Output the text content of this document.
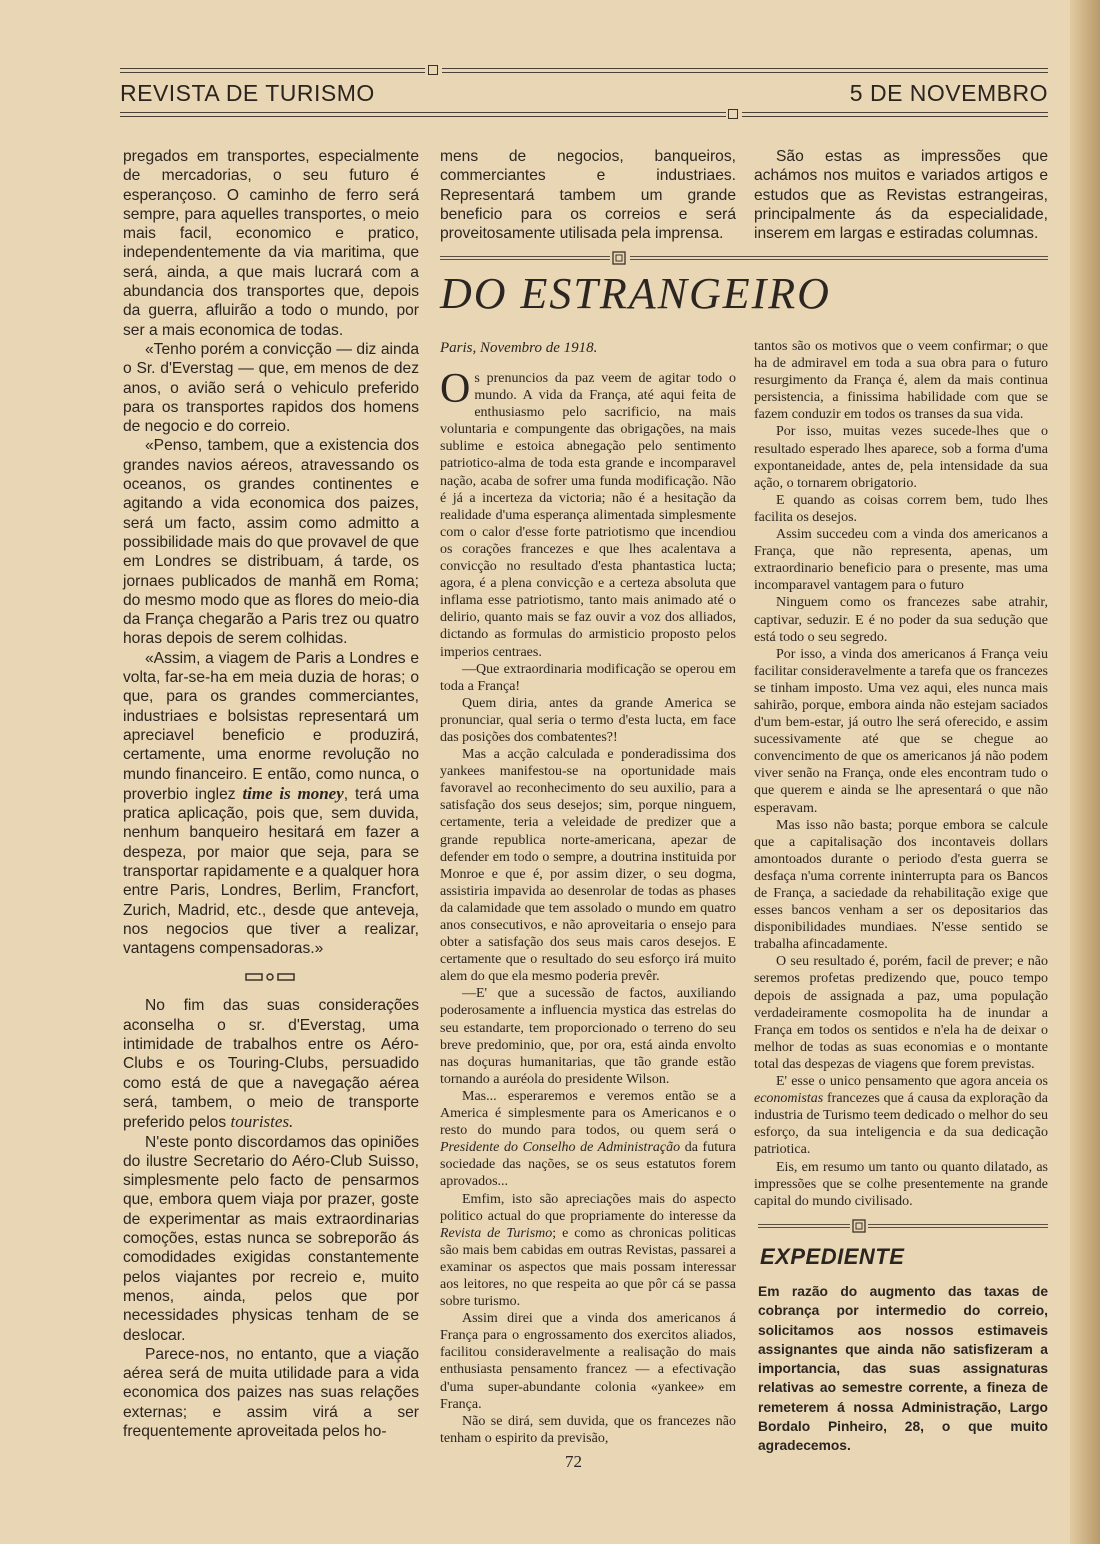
REVISTA DE TURISMO	5 DE NOVEMBRO

pregados em transportes, especialmente de mercadorias, o seu futuro é esperançoso. O caminho de ferro será sempre, para aquelles transportes, o meio mais facil, economico e pratico, independentemente da via maritima, que será, ainda, a que mais lucrará com a abundancia dos transportes que, depois da guerra, afluirão a todo o mundo, por ser a mais economica de todas.

«Tenho porém a convicção — diz ainda o Sr. d'Everstag — que, em menos de dez anos, o avião será o vehiculo preferido para os transportes rapidos dos homens de negocio e do correio.

«Penso, tambem, que a existencia dos grandes navios aéreos, atravessando os oceanos, os grandes continentes e agitando a vida economica dos paizes, será um facto, assim como admitto a possibilidade mais do que provavel de que em Londres se distribuam, á tarde, os jornaes publicados de manhã em Roma; do mesmo modo que as flores do meio-dia da França chegarão a Paris trez ou quatro horas depois de serem colhidas.

«Assim, a viagem de Paris a Londres e volta, far-se-ha em meia duzia de horas; o que, para os grandes commerciantes, industriaes e bolsistas representará um apreciavel beneficio e produzirá, certamente, uma enorme revolução no mundo financeiro. E então, como nunca, o proverbio inglez time is money, terá uma pratica aplicação, pois que, sem duvida, nenhum banqueiro hesitará em fazer a despeza, por maior que seja, para se transportar rapidamente e a qualquer hora entre Paris, Londres, Berlim, Francfort, Zurich, Madrid, etc., desde que anteveja, nos negocios que tiver a realizar, vantagens compensadoras.»

No fim das suas considerações aconselha o sr. d'Everstag, uma intimidade de trabalhos entre os Aéro-Clubs e os Touring-Clubs, persuadido como está de que a navegação aérea será, tambem, o meio de transporte preferido pelos touristes.

N'este ponto discordamos das opiniões do ilustre Secretario do Aéro-Club Suisso, simplesmente pelo facto de pensarmos que, embora quem viaja por prazer, goste de experimentar as mais extraordinarias comoções, estas nunca se sobreporão ás comodidades exigidas constantemente pelos viajantes por recreio e, muito menos, ainda, pelos que por necessidades physicas tenham de se deslocar.

Parece-nos, no entanto, que a viação aérea será de muita utilidade para a vida economica dos paizes nas suas relações externas; e assim virá a ser frequentemente aproveitada pelos ho-

mens de negocios, banqueiros, commerciantes e industriaes. Representará tambem um grande beneficio para os correios e será proveitosamente utilisada pela imprensa.

São estas as impressões que achámos nos muitos e variados artigos e estudos que as Revistas estrangeiras, principalmente ás da especialidade, inserem em largas e estiradas columnas.

DO ESTRANGEIRO
Paris, Novembro de 1918.

Os prenuncios da paz veem de agitar todo o mundo. A vida da França, até aqui feita de enthusiasmo pelo sacrificio, na mais voluntaria e compungente das obrigações, na mais sublime e estoica abnegação pelo sentimento patriotico-alma de toda esta grande e incomparavel nação, acaba de sofrer uma funda modificação. Não é já a incerteza da victoria; não é a hesitação da realidade d'uma esperança alimentada simplesmente com o calor d'esse forte patriotismo que incendiou os corações francezes e que lhes acalentava a convicção no resultado d'esta phantastica lucta; agora, é a plena convicção e a certeza absoluta que inflama esse patriotismo, tanto mais animado até o delirio, quanto mais se faz ouvir a voz dos alliados, dictando as formulas do armisticio proposto pelos imperios centraes.

—Que extraordinaria modificação se operou em toda a França!

Quem diria, antes da grande America se pronunciar, qual seria o termo d'esta lucta, em face das posições dos combatentes?!

Mas a acção calculada e ponderadissima dos yankees manifestou-se na oportunidade mais favoravel ao reconhecimento do seu auxilio, para a satisfação dos seus desejos; sim, porque ninguem, certamente, teria a veleidade de predizer que a grande republica norte-americana, apezar de defender em todo o sempre, a doutrina instituida por Monroe e que é, por assim dizer, o seu dogma, assistiria impavida ao desenrolar de todas as phases da calamidade que tem assolado o mundo em quatro anos consecutivos, e não aproveitaria o ensejo para obter a satisfação dos seus mais caros desejos. E certamente que o resultado do seu esforço irá muito alem do que ela mesmo poderia prevêr.

—E' que a sucessão de factos, auxiliando poderosamente a influencia mystica das estrelas do seu estandarte, tem proporcionado o terreno do seu breve predominio, que, por ora, está ainda envolto nas doçuras humanitarias, que tão grande estão tornando a auréola do presidente Wilson.

Mas... esperaremos e veremos então se a America é simplesmente para os Americanos e o resto do mundo para todos, ou quem será o Presidente do Conselho de Administração da futura sociedade das nações, se os seus estatutos forem aprovados...

Emfim, isto são apreciações mais do aspecto politico actual do que propriamente do interesse da Revista de Turismo; e como as chronicas politicas são mais bem cabidas em outras Revistas, passarei a examinar os aspectos que mais possam interessar aos leitores, no que respeita ao que pôr cá se passa sobre turismo.

Assim direi que a vinda dos americanos á França para o engrossamento dos exercitos aliados, facilitou consideravelmente a realisação do mais enthusiasta pensamento francez — a efectivação d'uma super-abundante colonia «yankee» em França.

Não se dirá, sem duvida, que os francezes não tenham o espirito da previsão,

tantos são os motivos que o veem confirmar; o que ha de admiravel em toda a sua obra para o futuro resurgimento da França é, alem da mais continua persistencia, a finissima habilidade com que se fazem conduzir em todos os transes da sua vida.

Por isso, muitas vezes sucede-lhes que o resultado esperado lhes aparece, sob a forma d'uma expontaneidade, antes de, pela intensidade da sua ação, o tornarem obrigatorio.

E quando as coisas correm bem, tudo lhes facilita os desejos.

Assim succedeu com a vinda dos americanos a França, que não representa, apenas, um extraordinario beneficio para o presente, mas uma incomparavel vantagem para o futuro

Ninguem como os francezes sabe atrahir, captivar, seduzir. E é no poder da sua sedução que está todo o seu segredo.

Por isso, a vinda dos americanos á França veiu facilitar consideravelmente a tarefa que os francezes se tinham imposto. Uma vez aqui, eles nunca mais sahirão, porque, embora ainda não estejam saciados d'um bem-estar, já outro lhe será oferecido, e assim sucessivamente até que se chegue ao convencimento de que os americanos já não podem viver senão na França, onde eles encontram tudo o que querem e ainda se lhe apresentará o que não esperavam.

Mas isso não basta; porque embora se calcule que a capitalisação dos incontaveis dollars amontoados durante o periodo d'esta guerra se desfaça n'uma corrente ininterrupta para os Bancos de França, a saciedade da rehabilitação exige que esses bancos venham a ser os depositarios das disponibilidades mundiaes. N'esse sentido se trabalha afincadamente.

O seu resultado é, porém, facil de prever; e não seremos profetas predizendo que, pouco tempo depois de assignada a paz, uma população verdadeiramente cosmopolita ha de inundar a França em todos os sentidos e n'ela ha de deixar o melhor de todas as suas economias e o montante total das despezas de viagens que forem previstas.

E' esse o unico pensamento que agora anceia os economistas francezes que á causa da exploração da industria de Turismo teem dedicado o melhor do seu esforço, da sua inteligencia e da sua dedicação patriotica.

Eis, em resumo um tanto ou quanto dilatado, as impressões que se colhe presentemente na grande capital do mundo civilisado.

EXPEDIENTE
Em razão do augmento das taxas de cobrança por intermedio do correio, solicitamos aos nossos estimaveis assignantes que ainda não satisfizeram a importancia, das suas assignaturas relativas ao semestre corrente, a fineza de remeterem á nossa Administração, Largo Bordalo Pinheiro, 28, o que muito agradecemos.
72
